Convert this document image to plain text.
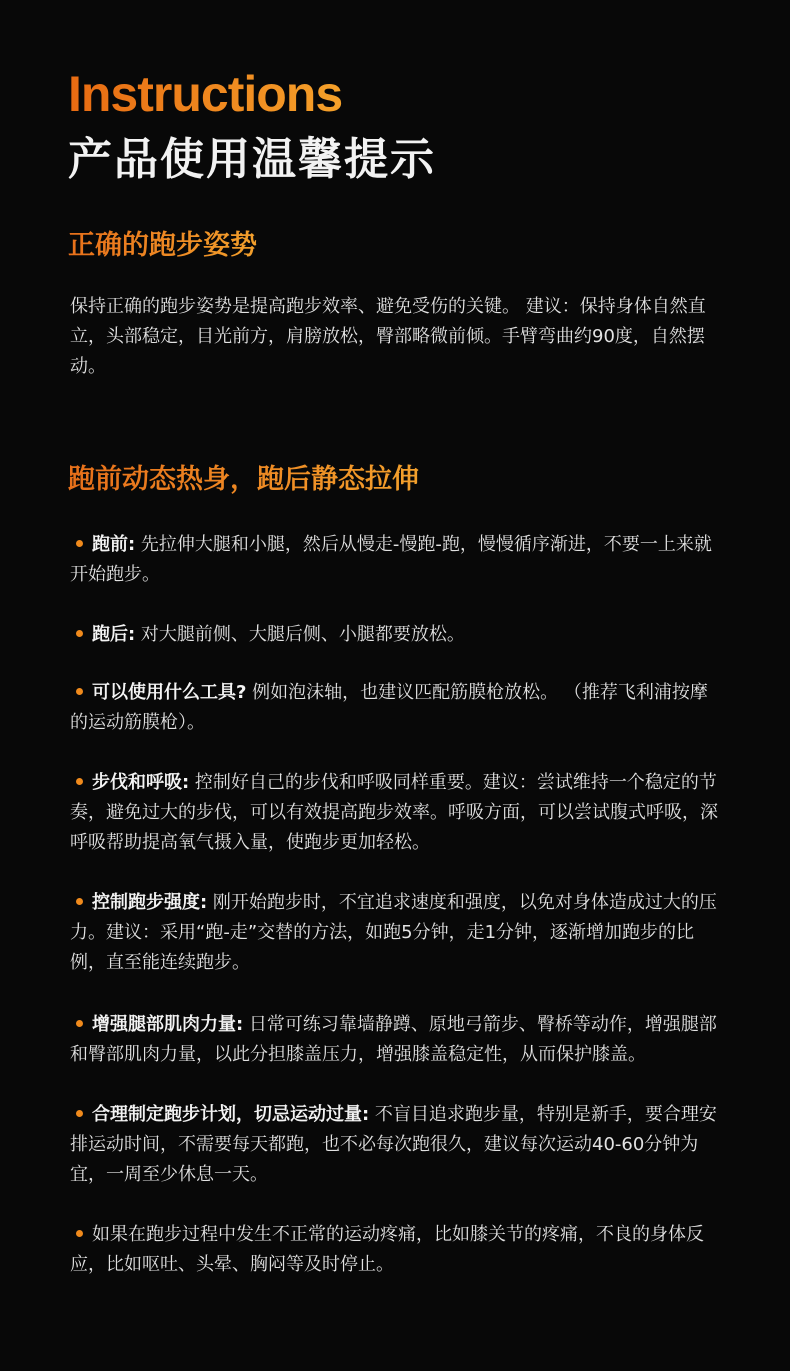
Instructions
产品使用温馨提示
正确的跑步姿势
保持正确的跑步姿势是提高跑步效率、避免受伤的关键。 建议：保持身体自然直立，头部稳定，目光前方，肩膀放松，臀部略微前倾。手臂弯曲约90度，自然摆动。
跑前动态热身，跑后静态拉伸
跑前: 先拉伸大腿和小腿，然后从慢走-慢跑-跑，慢慢循序渐进，不要一上来就开始跑步。
跑后: 对大腿前侧、大腿后侧、小腿都要放松。
可以使用什么工具? 例如泡沫轴，也建议匹配筋膜枪放松。 （推荐飞利浦按摩的运动筋膜枪）。
步伐和呼吸: 控制好自己的步伐和呼吸同样重要。建议：尝试维持一个稳定的节奏，避免过大的步伐，可以有效提高跑步效率。呼吸方面，可以尝试腹式呼吸，深呼吸帮助提高氧气摄入量，使跑步更加轻松。
控制跑步强度: 刚开始跑步时，不宜追求速度和强度，以免对身体造成过大的压力。建议：采用“跑-走”交替的方法，如跑5分钟，走1分钟，逐渐增加跑步的比例，直至能连续跑步。
增强腿部肌肉力量: 日常可练习靠墙静蹲、原地弓箭步、臀桥等动作，增强腿部和臀部肌肉力量，以此分担膝盖压力，增强膝盖稳定性，从而保护膝盖。
合理制定跑步计划，切忌运动过量: 不盲目追求跑步量，特别是新手，要合理安排运动时间，不需要每天都跑，也不必每次跑很久，建议每次运动40-60分钟为宜，一周至少休息一天。
如果在跑步过程中发生不正常的运动疼痛，比如膝关节的疼痛，不良的身体反应，比如呕吐、头晕、胸闷等及时停止。
